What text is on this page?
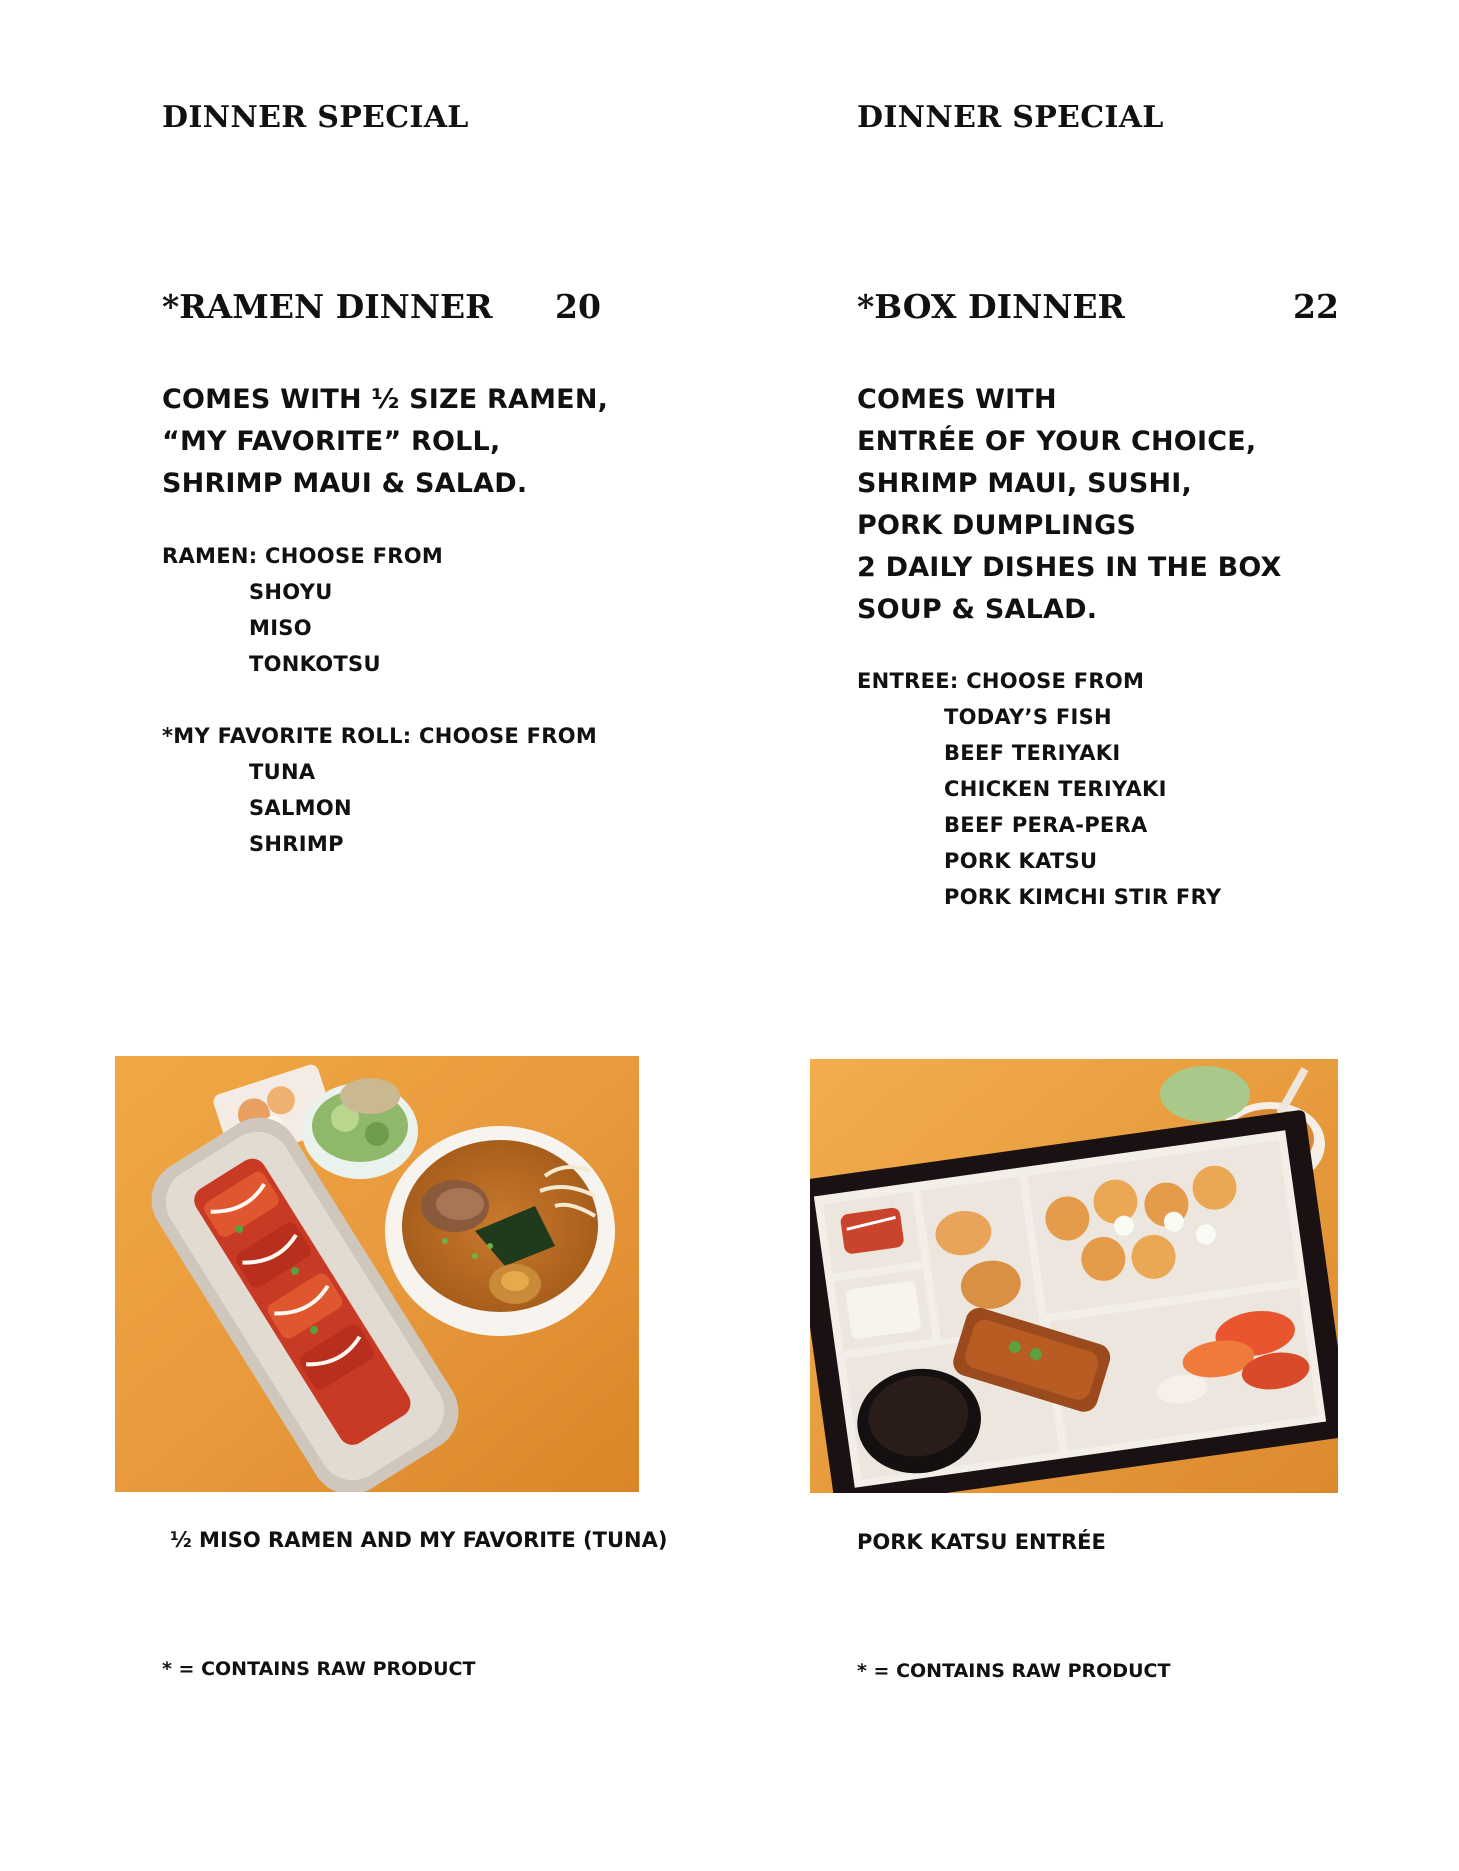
DINNER SPECIAL
*RAMEN DINNER 20
COMES WITH ½ SIZE RAMEN,
“MY FAVORITE” ROLL,
SHRIMP MAUI & SALAD.
RAMEN: CHOOSE FROM
SHOYU
MISO
TONKOTSU
*MY FAVORITE ROLL: CHOOSE FROM
TUNA
SALMON
SHRIMP
½ MISO RAMEN AND MY FAVORITE (TUNA)
* = CONTAINS RAW PRODUCT
DINNER SPECIAL
*BOX DINNER	22
COMES WITH
ENTRÉE OF YOUR CHOICE,
SHRIMP MAUI, SUSHI,
PORK DUMPLINGS
2 DAILY DISHES IN THE BOX
SOUP & SALAD.
ENTREE: CHOOSE FROM
TODAY’S FISH
BEEF TERIYAKI
CHICKEN TERIYAKI
BEEF PERA-PERA
PORK KATSU
PORK KIMCHI STIR FRY
PORK KATSU ENTRÉE
* = CONTAINS RAW PRODUCT
